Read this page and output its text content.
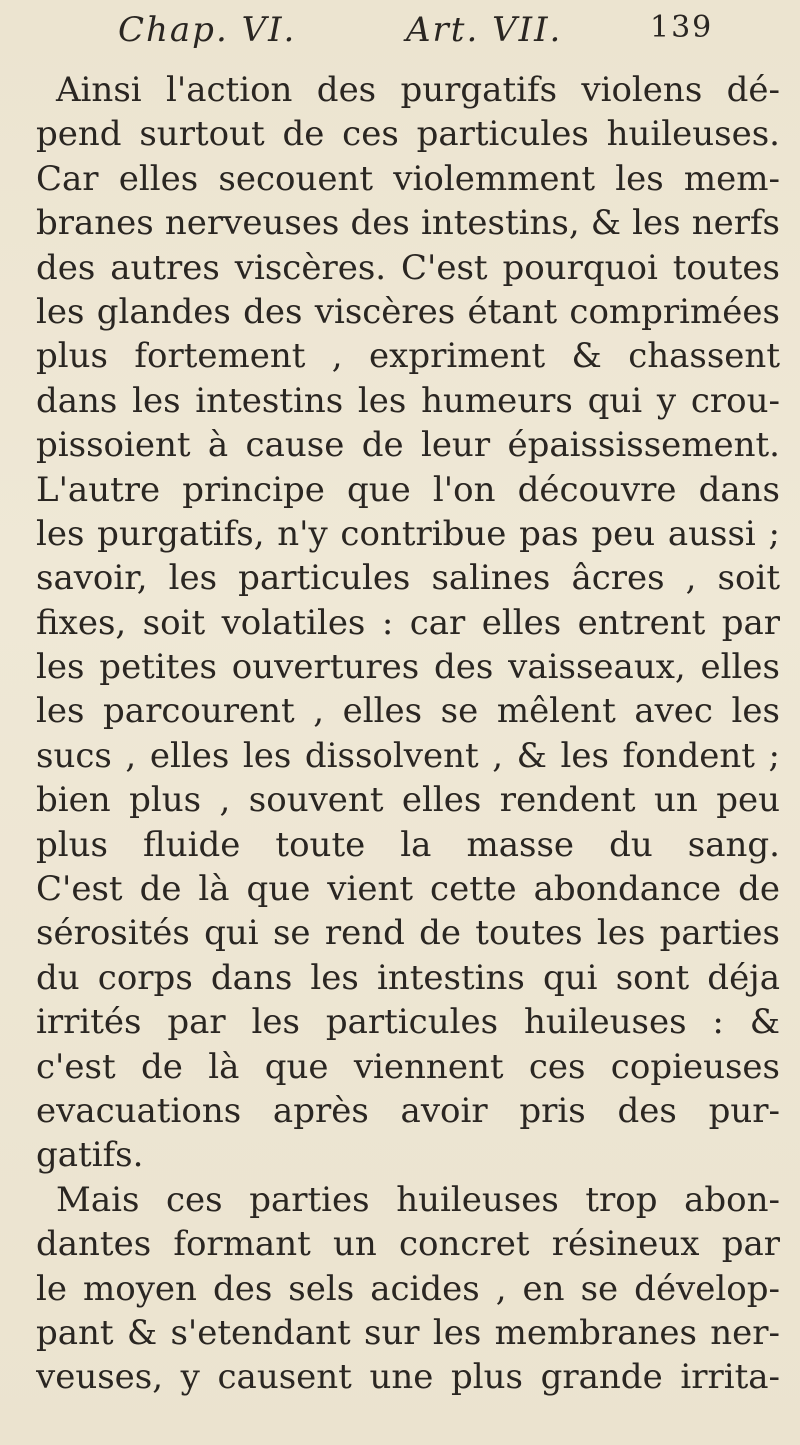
Chap. VI.	Art. VII.	139
Ainsi l'action des purgatifs violens dé-
pend surtout de ces particules huileuses.
Car elles secouent violemment les mem-
branes nerveuses des intestins, & les nerfs
des autres viscères. C'est pourquoi toutes
les glandes des viscères étant comprimées
plus fortement , expriment & chassent
dans les intestins les humeurs qui y crou-
pissoient à cause de leur épaississement.
L'autre principe que l'on découvre dans
les purgatifs, n'y contribue pas peu aussi ;
savoir, les particules salines âcres , soit
fixes, soit volatiles : car elles entrent par
les petites ouvertures des vaisseaux, elles
les parcourent , elles se mêlent avec les
sucs , elles les dissolvent , & les fondent ;
bien plus , souvent elles rendent un peu
plus fluide toute la masse du sang.
C'est de là que vient cette abondance de
sérosités qui se rend de toutes les parties
du corps dans les intestins qui sont déja
irrités par les particules huileuses : &
c'est de là que viennent ces copieuses
evacuations après avoir pris des pur-
gatifs.
Mais ces parties huileuses trop abon-
dantes formant un concret résineux par
le moyen des sels acides , en se dévelop-
pant & s'etendant sur les membranes ner-
veuses, y causent une plus grande irrita-
